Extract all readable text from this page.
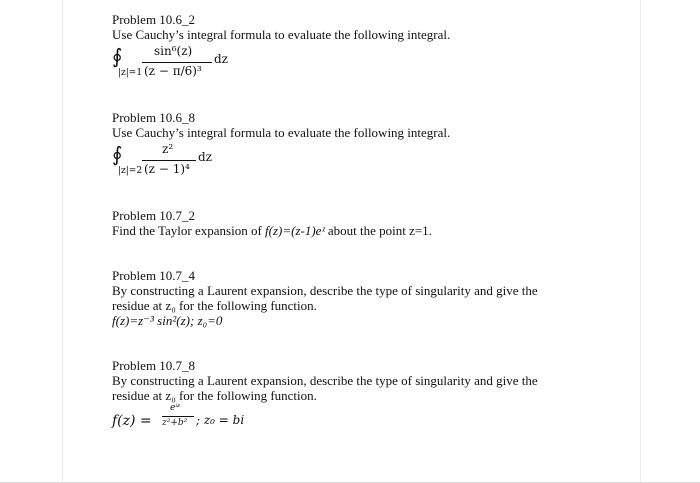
Problem 10.6_2
Use Cauchy’s integral formula to evaluate the following integral.
∮
|z|=1
sin⁶(z)
(z − π/6)³
dz
Problem 10.6_8
Use Cauchy’s integral formula to evaluate the following integral.
∮
|z|=2
z²
(z − 1)⁴
dz
Problem 10.7_2
Find the Taylor expansion of f(z)=(z-1)eᶻ about the point z=1.
Problem 10.7_4
By constructing a Laurent expansion, describe the type of singularity and give the residue at z₀ for the following function.
f(z)=z⁻³ sin²(z); z₀=0
Problem 10.7_8
By constructing a Laurent expansion, describe the type of singularity and give the residue at z₀ for the following function.
f(z) =
eⁱᶻ
z²+b² ; z₀ = bi
